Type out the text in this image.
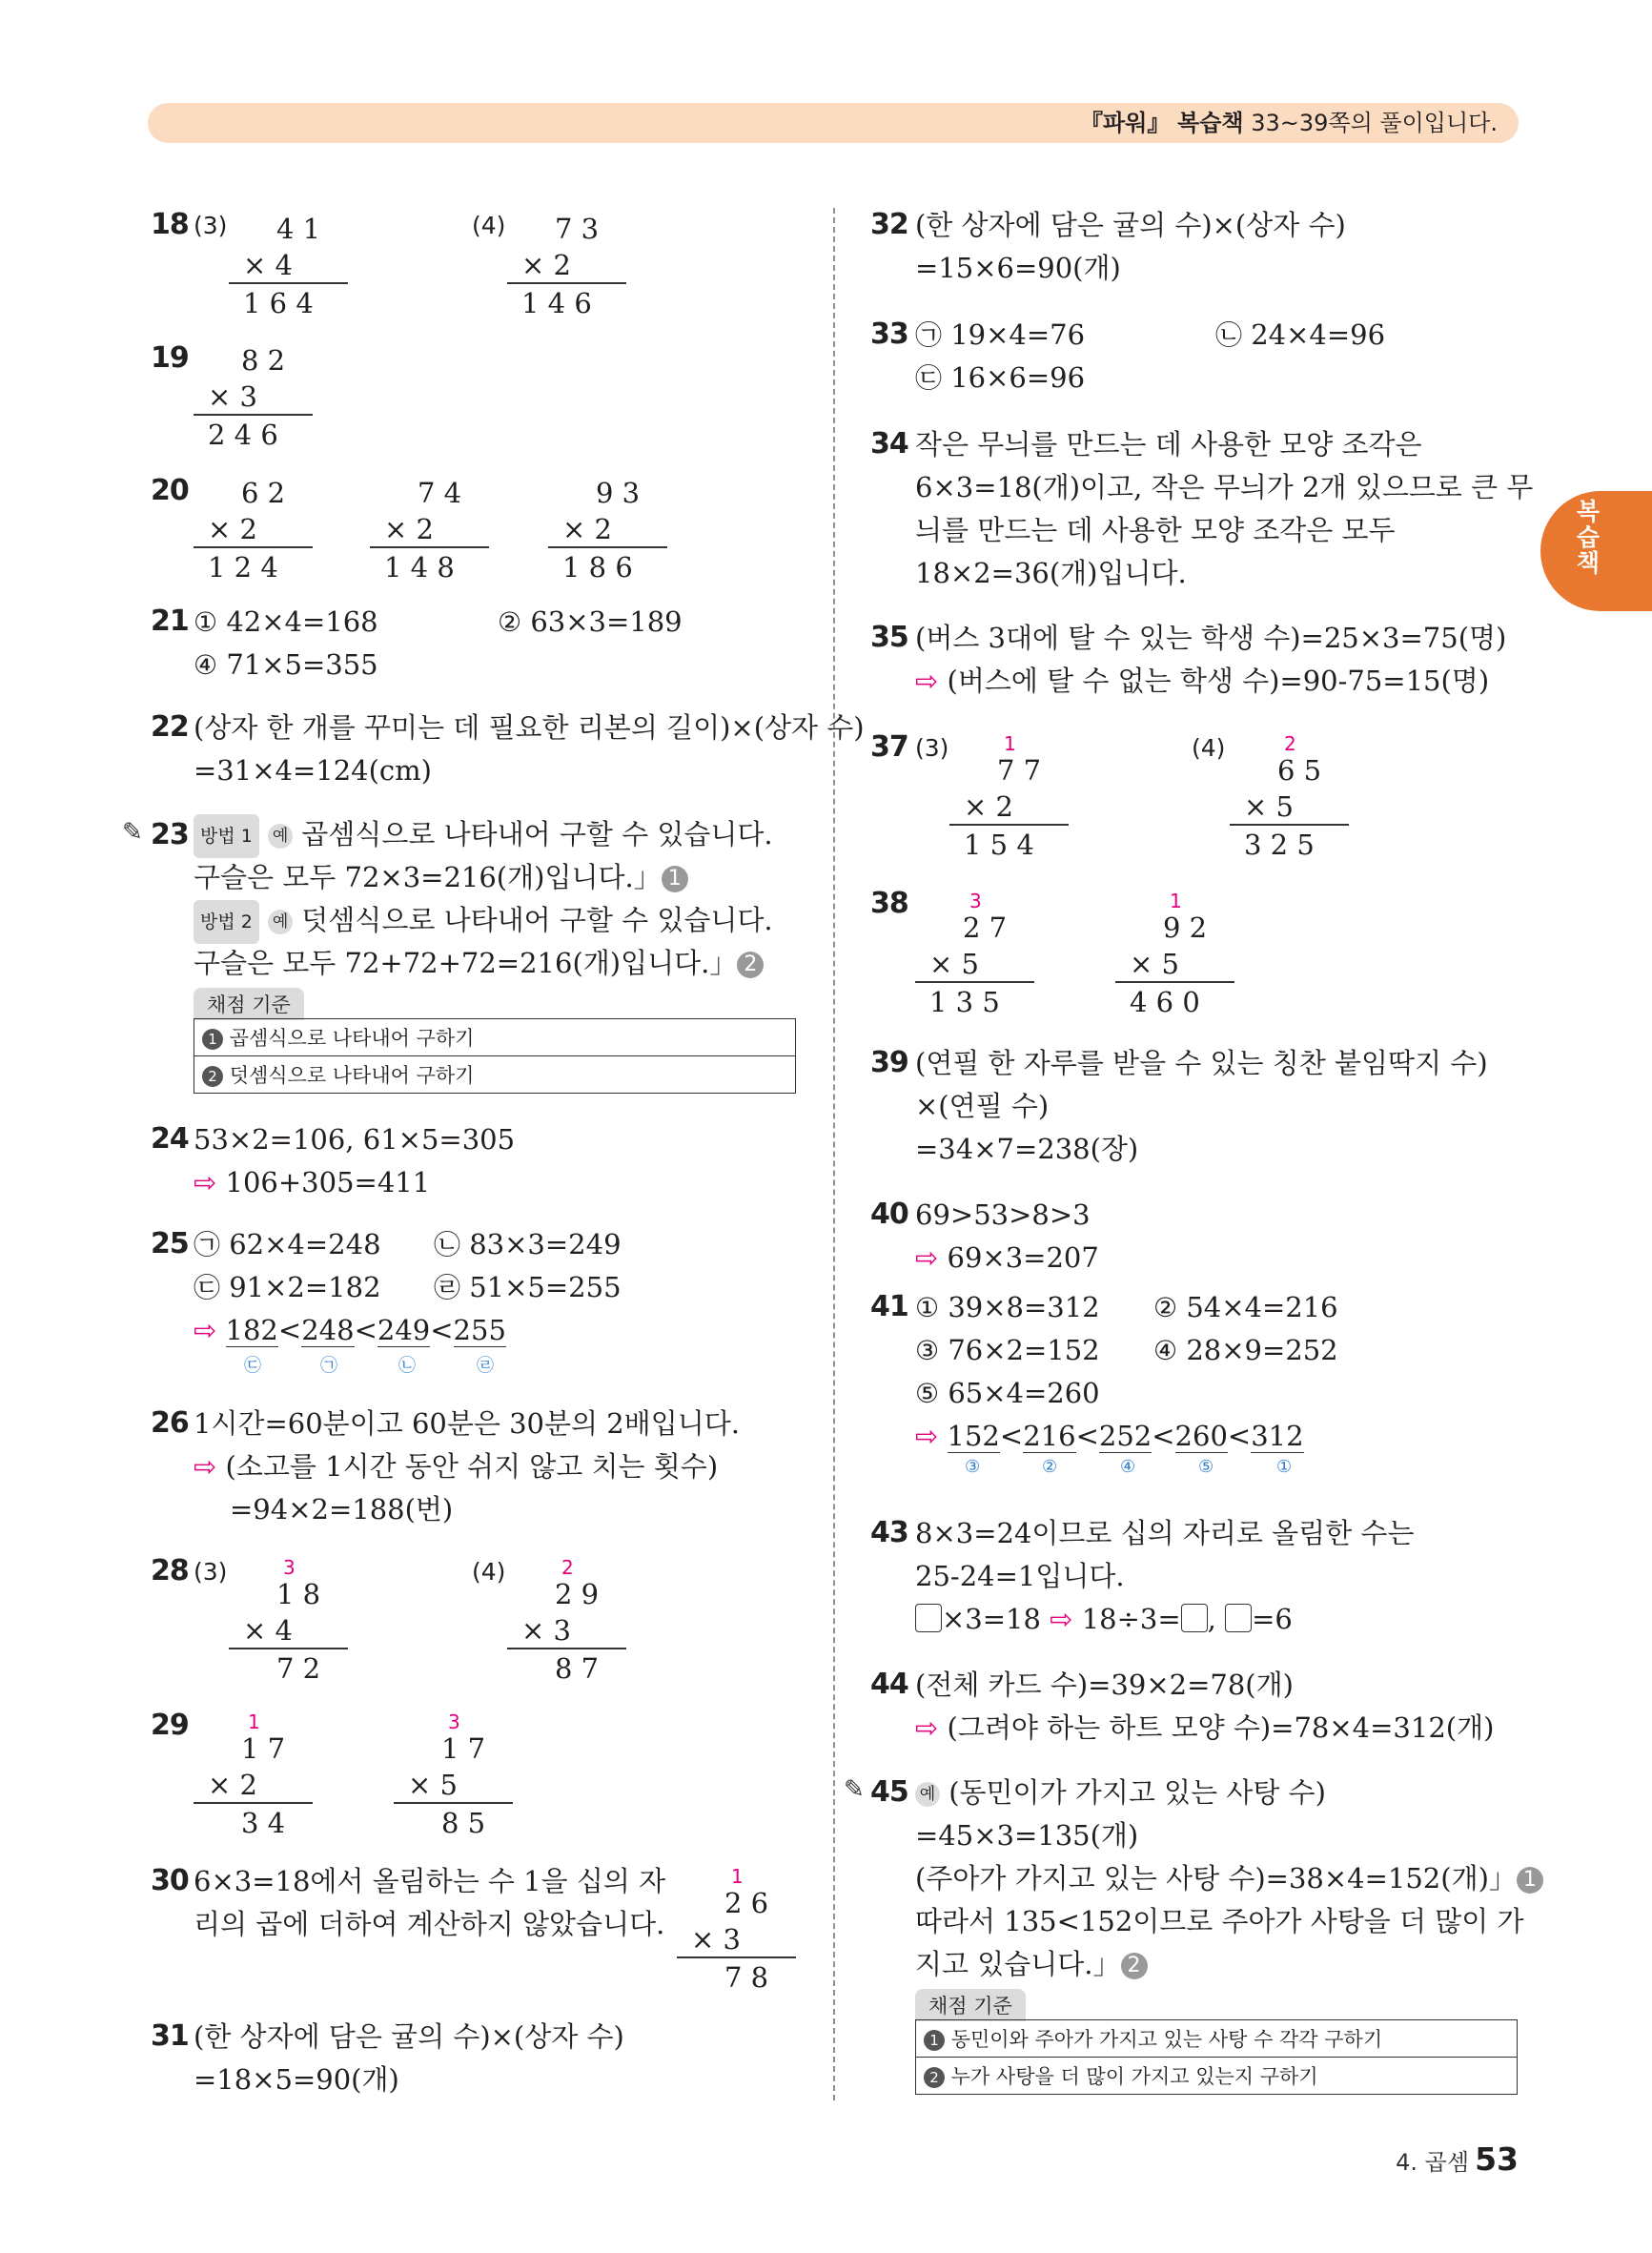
『파워』 복습책 33~39쪽의 풀이입니다.
복습책
4. 곱셈 53
18 (3) 4 1
× 4
1 6 4
(4) 7 3
× 2
1 4 6
19 8 2
× 3
2 4 6
20 6 2
× 2
1 2 4
7 4
× 2
1 4 8
9 3
× 2
1 8 6
21 ① 42×4=168	② 63×3=189
④ 71×5=355
22 (상자 한 개를 꾸미는 데 필요한 리본의 길이)×(상자 수)
=31×4=124(cm)
✎ 23 방법 1 예 곱셈식으로 나타내어 구할 수 있습니다.
구슬은 모두 72×3=216(개)입니다.」 1
방법 2 예 덧셈식으로 나타내어 구할 수 있습니다.
구슬은 모두 72+72+72=216(개)입니다.」 2
채점 기준
1 곱셈식으로 나타내어 구하기
2 덧셈식으로 나타내어 구하기
24 53×2=106, 61×5=305
⇨ 106+305=411
25 ㉠ 62×4=248 ㉡ 83×3=249
㉢ 91×2=182 ㉣ 51×5=255
⇨ 182<248<249<255
㉢	㉠	㉡	㉣
26 1시간=60분이고 60분은 30분의 2배입니다.
⇨ (소고를 1시간 동안 쉬지 않고 치는 횟수)
=94×2=188(번)
28 (3)	3
1 8
× 4
7 2
(4)	2
2 9
× 3
8 7
29	1
1 7
× 2
3 4
3
1 7
× 5
8 5
30 6×3=18에서 올림하는 수 1을 십의 자
리의 곱에 더하여 계산하지 않았습니다.
1
2 6
× 3
7 8
31 (한 상자에 담은 귤의 수)×(상자 수)
=18×5=90(개)
32 (한 상자에 담은 귤의 수)×(상자 수)
=15×6=90(개)
33 ㉠ 19×4=76	㉡ 24×4=96
㉢ 16×6=96
34 작은 무늬를 만드는 데 사용한 모양 조각은
6×3=18(개)이고, 작은 무늬가 2개 있으므로 큰 무
늬를 만드는 데 사용한 모양 조각은 모두
18×2=36(개)입니다.
35 (버스 3대에 탈 수 있는 학생 수)=25×3=75(명)
⇨ (버스에 탈 수 없는 학생 수)=90-75=15(명)
37 (3)	1
7 7
× 2
1 5 4
(4)	2
6 5
× 5
3 2 5
38	3
2 7
× 5
1 3 5
1
9 2
× 5
4 6 0
39 (연필 한 자루를 받을 수 있는 칭찬 붙임딱지 수)
×(연필 수)
=34×7=238(장)
40 69>53>8>3
⇨ 69×3=207
41 ① 39×8=312 ② 54×4=216
③ 76×2=152 ④ 28×9=252
⑤ 65×4=260
⇨ 152<216<252<260<312
③	②	④	⑤	①
43 8×3=24이므로 십의 자리로 올림한 수는
25-24=1입니다.
×3=18 ⇨ 18÷3= , =6
44 (전체 카드 수)=39×2=78(개)
⇨ (그려야 하는 하트 모양 수)=78×4=312(개)
✎ 45 예 (동민이가 가지고 있는 사탕 수)
=45×3=135(개)
(주아가 가지고 있는 사탕 수)=38×4=152(개)」 1
따라서 135<152이므로 주아가 사탕을 더 많이 가
지고 있습니다.」 2
채점 기준
1 동민이와 주아가 가지고 있는 사탕 수 각각 구하기
2 누가 사탕을 더 많이 가지고 있는지 구하기
